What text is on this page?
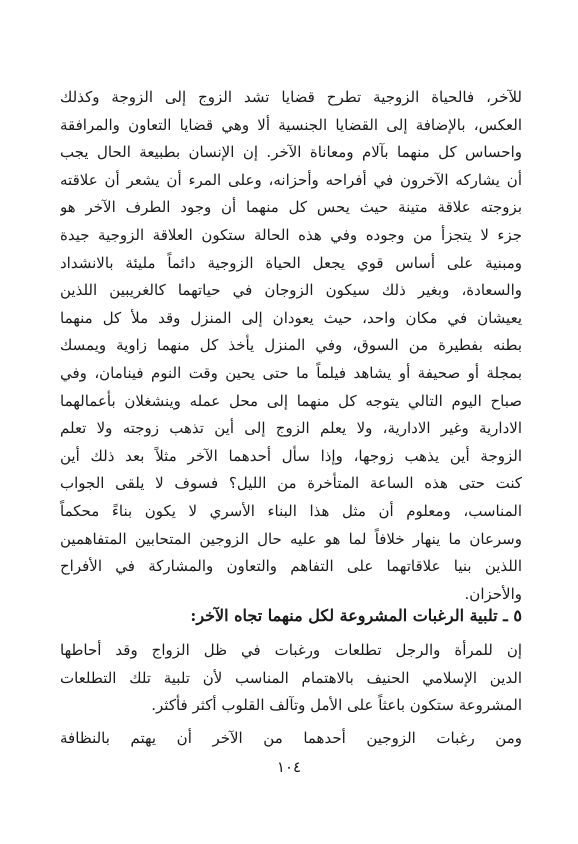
للآخر، فالحياة الزوجية تطرح قضايا تشد الزوج إلى الزوجة وكذلك
العكس، بالإضافة إلى القضايا الجنسية ألا وهي قضايا التعاون والمرافقة
واحساس كل منهما بآلام ومعاناة الآخر. إن الإنسان بطبيعة الحال يجب
أن يشاركه الآخرون في أفراحه وأحزانه، وعلى المرء أن يشعر أن علاقته
بزوجته علاقة متينة حيث يحس كل منهما أن وجود الطرف الآخر هو
جزء لا يتجزأ من وجوده وفي هذه الحالة ستكون العلاقة الزوجية جيدة
ومبنية على أساس قوي يجعل الحياة الزوجية دائماً مليئة بالانشداد
والسعادة، وبغير ذلك سيكون الزوجان في حياتهما كالغريبين اللذين
يعيشان في مكان واحد، حيث يعودان إلى المنزل وقد ملأ كل منهما
بطنه بفطيرة من السوق، وفي المنزل يأخذ كل منهما زاوية ويمسك
بمجلة أو صحيفة أو يشاهد فيلماً ما حتى يحين وقت النوم فينامان، وفي
صباح اليوم التالي يتوجه كل منهما إلى محل عمله وينشغلان بأعمالهما
الادارية وغير الادارية، ولا يعلم الزوج إلى أين تذهب زوجته ولا تعلم
الزوجة أين يذهب زوجها، وإذا سأل أحدهما الآخر مثلاً بعد ذلك أين
كنت حتى هذه الساعة المتأخرة من الليل؟ فسوف لا يلقى الجواب
المناسب، ومعلوم أن مثل هذا البناء الأسري لا يكون بناءً محكماً
وسرعان ما ينهار خلافاً لما هو عليه حال الزوجين المتحابين المتفاهمين
اللذين بنيا علاقاتهما على التفاهم والتعاون والمشاركة في الأفراح
والأحزان.
٥ ـ تلبية الرغبات المشروعة لكل منهما تجاه الآخر:
إن للمرأة والرجل تطلعات ورغبات في ظل الزواج وقد أحاطها
الدين الإسلامي الحنيف بالاهتمام المناسب لأن تلبية تلك التطلعات
المشروعة ستكون باعثاً على الأمل وتآلف القلوب أكثر فأكثر.
ومن رغبات الزوجين أحدهما من الآخر أن يهتم بالنظافة
١٠٤
